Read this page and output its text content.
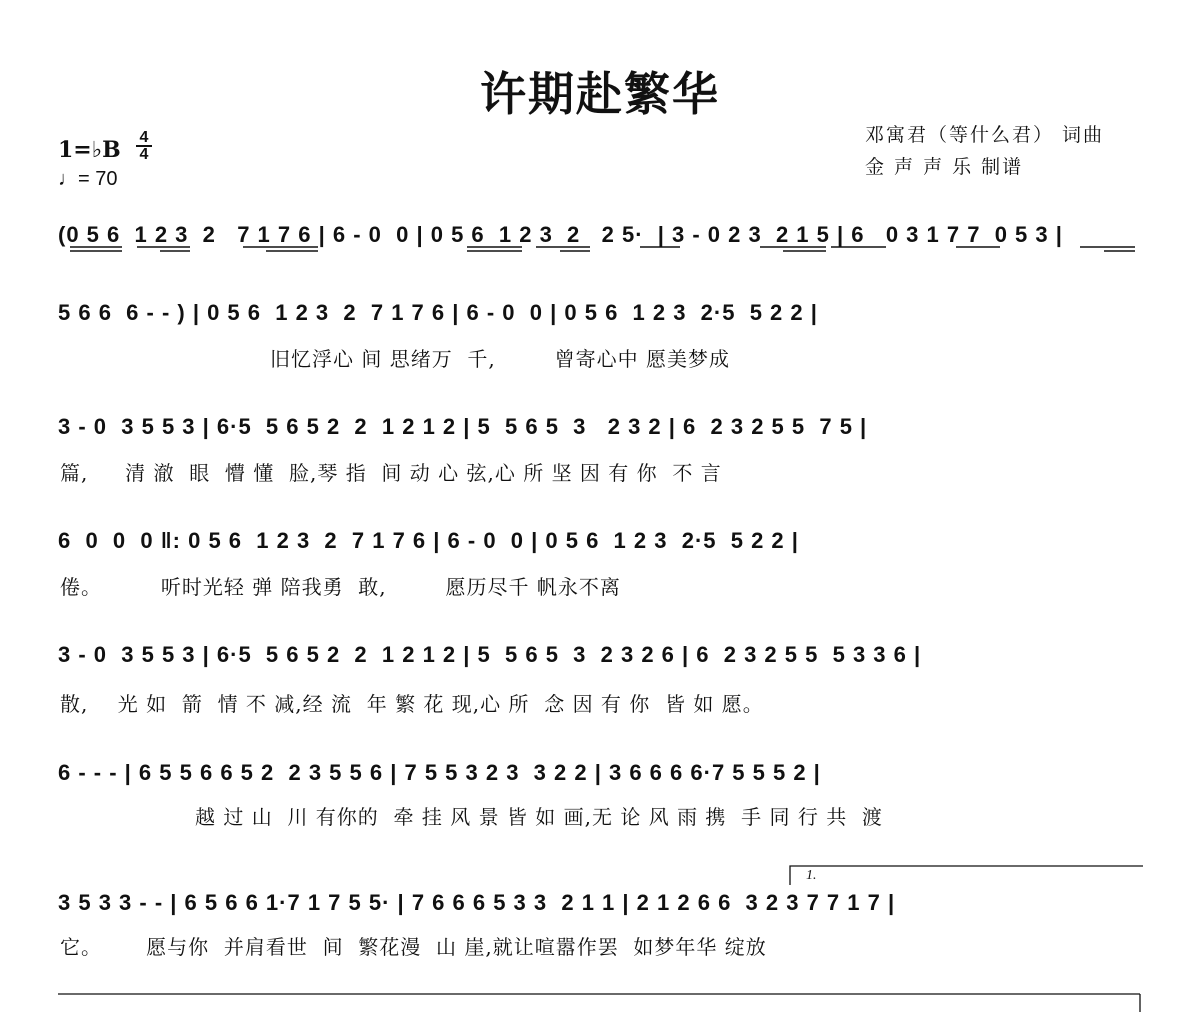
许期赴繁华
邓寓君（等什么君） 词曲
金 声 声 乐 制谱
1=♭B 4
4
♩= 70
(0 5 6  1 2 3  2   7 1 7 6 | 6 - 0  0 | 0 5 6  1 2 3  2   2 5·  | 3 - 0 2 3  2 1 5 | 6   0 3 1 7 7  0 5 3 |
5 6 6  6 - - ) | 0 5 6  1 2 3  2  7 1 7 6 | 6 - 0  0 | 0 5 6  1 2 3  2·5  5 2 2 |
旧忆浮心 间 思绪万  千,        曾寄心中 愿美梦成
3 - 0  3 5 5 3 | 6·5  5 6 5 2  2  1 2 1 2 | 5  5 6 5  3   2 3 2 | 6  2 3 2 5 5  7 5 |
篇,     清 澈  眼  懵 懂  脸,琴 指  间 动 心 弦,心 所 坚 因 有 你  不 言
6  0  0  0 ‖: 0 5 6  1 2 3  2  7 1 7 6 | 6 - 0  0 | 0 5 6  1 2 3  2·5  5 2 2 |
倦。        听时光轻 弹 陪我勇  敢,        愿历尽千 帆永不离
3 - 0  3 5 5 3 | 6·5  5 6 5 2  2  1 2 1 2 | 5  5 6 5  3  2 3 2 6 | 6  2 3 2 5 5  5 3 3 6 |
散,    光 如  箭  情 不 减,经 流  年 繁 花 现,心 所  念 因 有 你  皆 如 愿。
6 - - - | 6 5 5 6 6 5 2  2 3 5 5 6 | 7 5 5 3 2 3  3 2 2 | 3 6 6 6 6·7 5 5 5 2 |
越 过 山  川 有你的  牵 挂 风 景 皆 如 画,无 论 风 雨 携  手 同 行 共  渡
3 5 3 3 - - | 6 5 6 6 1·7 1 7 5 5· | 7 6 6 6 5 3 3  2 1 1 | 2 1 2 6 6  3 2 3 7 7 1 7 |
它。      愿与你  并肩看世  间  繁花漫  山 崖,就让喧嚣作罢  如梦年华 绽放
1.
